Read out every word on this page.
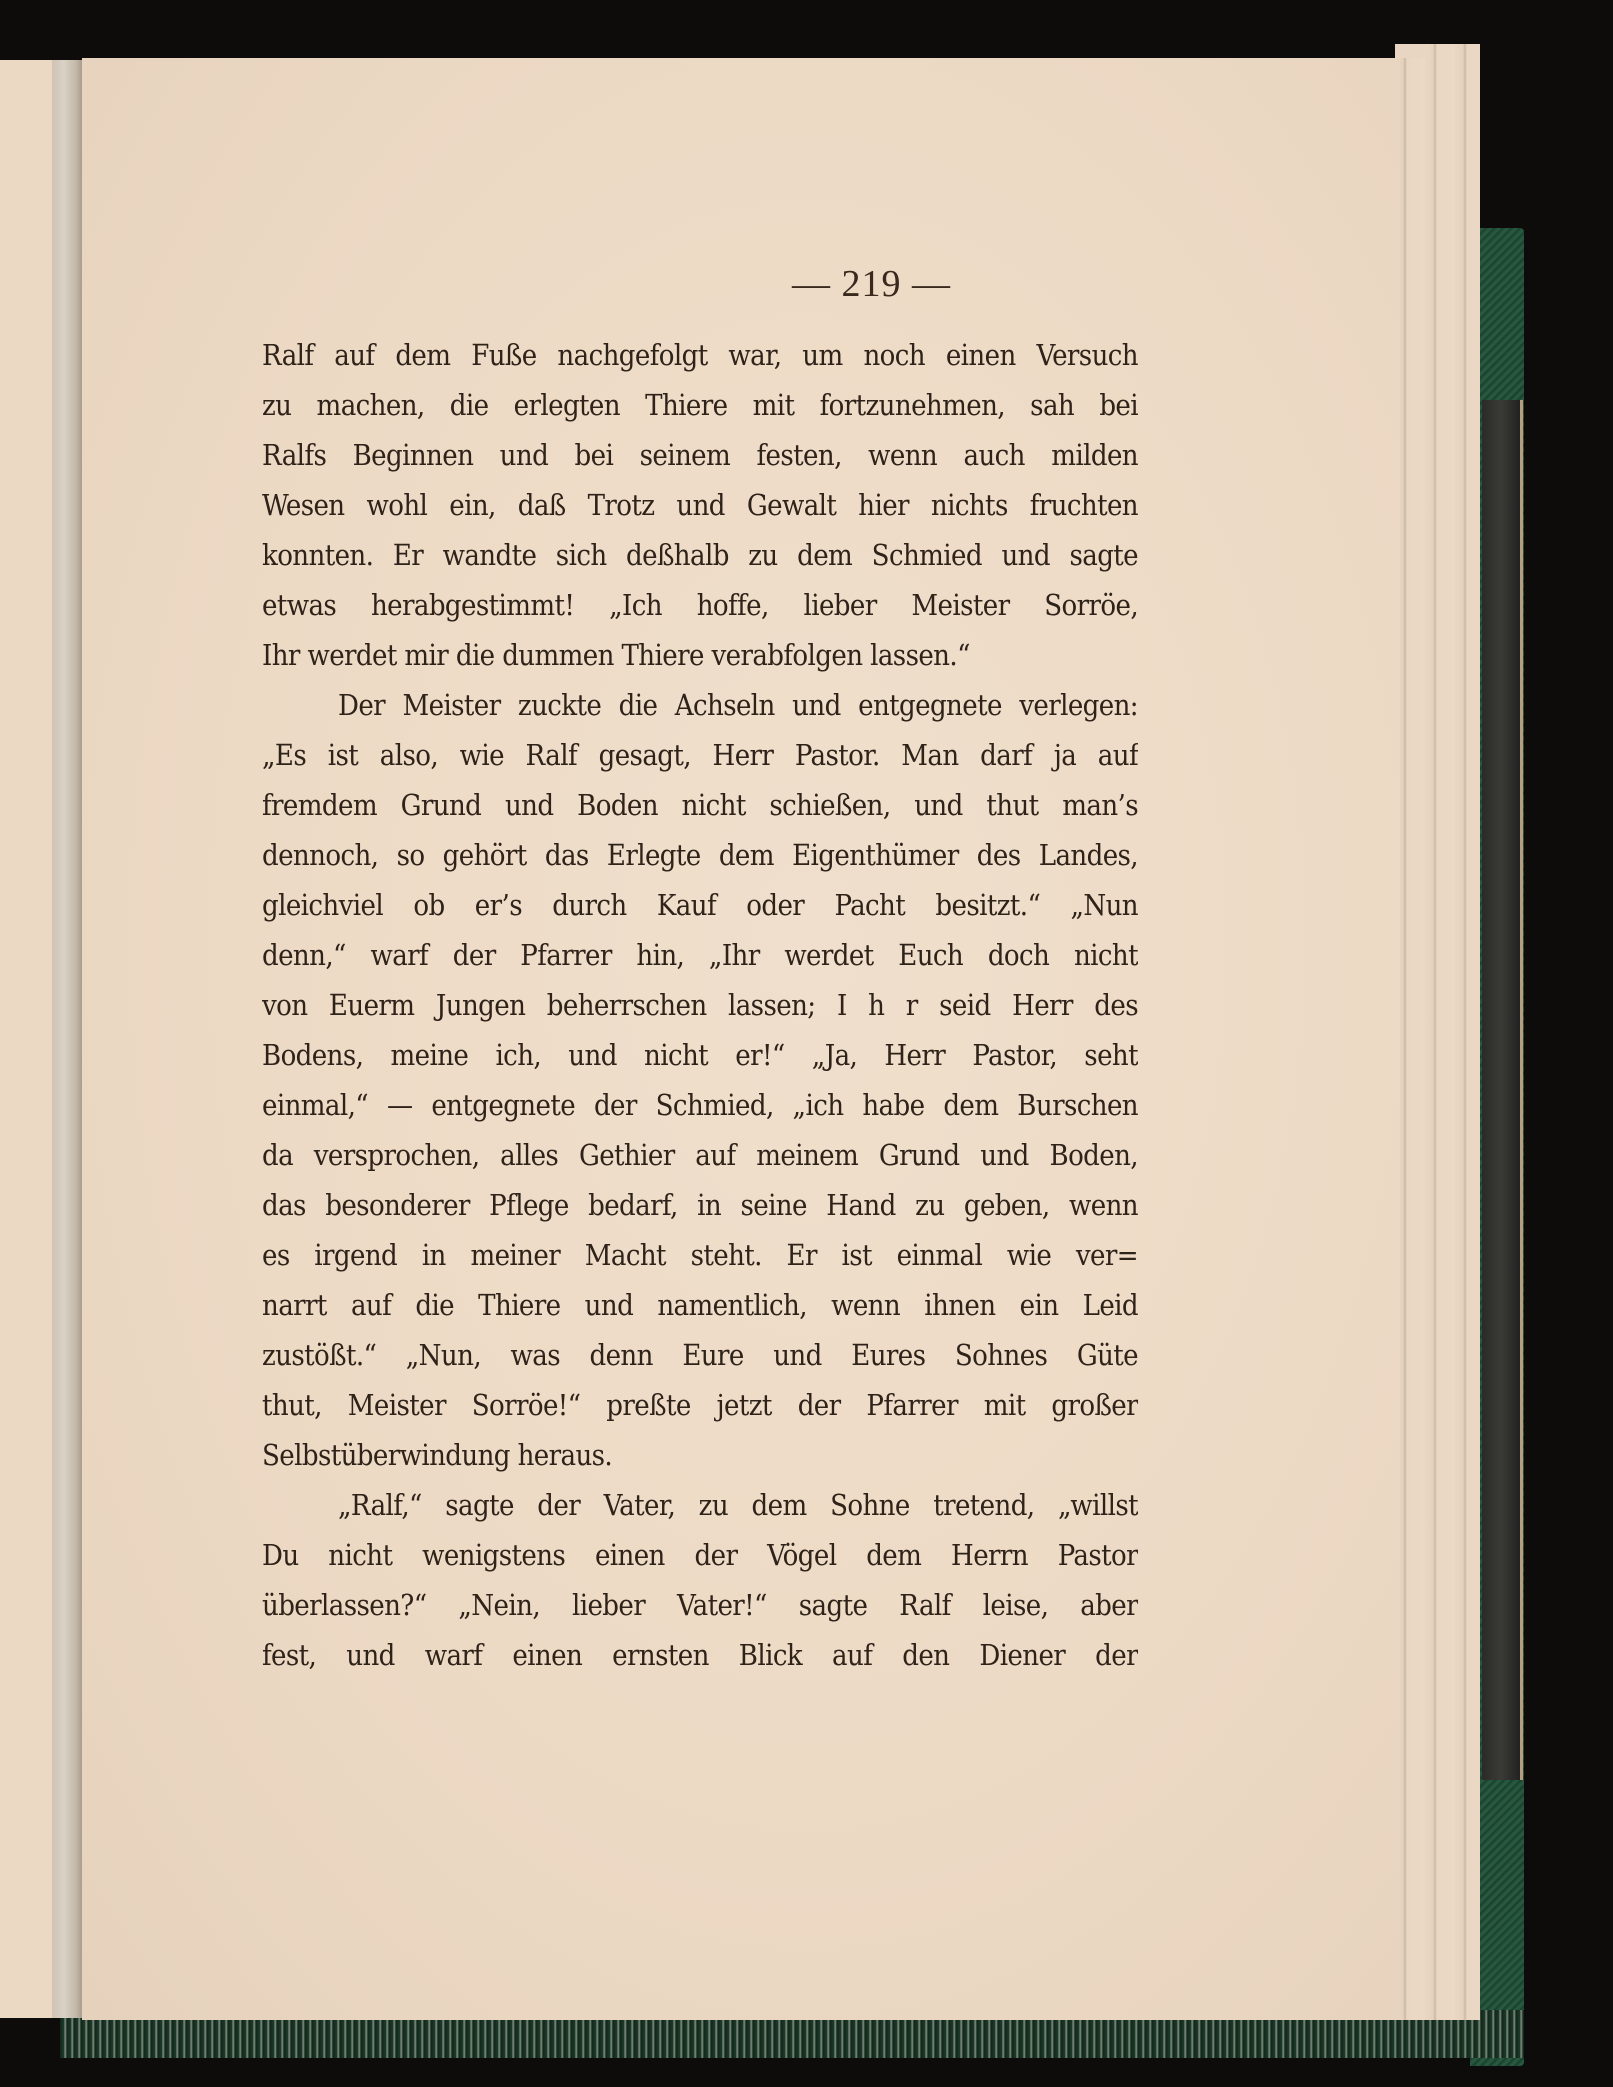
— 219 —
Ralf auf dem Fuße nachgefolgt war, um noch einen Versuch
zu machen, die erlegten Thiere mit fortzunehmen, sah bei
Ralfs Beginnen und bei seinem festen, wenn auch milden
Wesen wohl ein, daß Trotz und Gewalt hier nichts fruchten
konnten. Er wandte sich deßhalb zu dem Schmied und sagte
etwas herabgestimmt! „Ich hoffe, lieber Meister Sorröe,
Ihr werdet mir die dummen Thiere verabfolgen lassen.“
Der Meister zuckte die Achseln und entgegnete verlegen:
„Es ist also, wie Ralf gesagt, Herr Pastor. Man darf ja auf
fremdem Grund und Boden nicht schießen, und thut man’s
dennoch, so gehört das Erlegte dem Eigenthümer des Landes,
gleichviel ob er’s durch Kauf oder Pacht besitzt.“ „Nun
denn,“ warf der Pfarrer hin, „Ihr werdet Euch doch nicht
von Euerm Jungen beherrschen lassen; I h r seid Herr des
Bodens, meine ich, und nicht er!“ „Ja, Herr Pastor, seht
einmal,“ — entgegnete der Schmied, „ich habe dem Burschen
da versprochen, alles Gethier auf meinem Grund und Boden,
das besonderer Pflege bedarf, in seine Hand zu geben, wenn
es irgend in meiner Macht steht. Er ist einmal wie ver=
narrt auf die Thiere und namentlich, wenn ihnen ein Leid
zustößt.“ „Nun, was denn Eure und Eures Sohnes Güte
thut, Meister Sorröe!“ preßte jetzt der Pfarrer mit großer
Selbstüberwindung heraus.
„Ralf,“ sagte der Vater, zu dem Sohne tretend, „willst
Du nicht wenigstens einen der Vögel dem Herrn Pastor
überlassen?“ „Nein, lieber Vater!“ sagte Ralf leise, aber
fest, und warf einen ernsten Blick auf den Diener der
